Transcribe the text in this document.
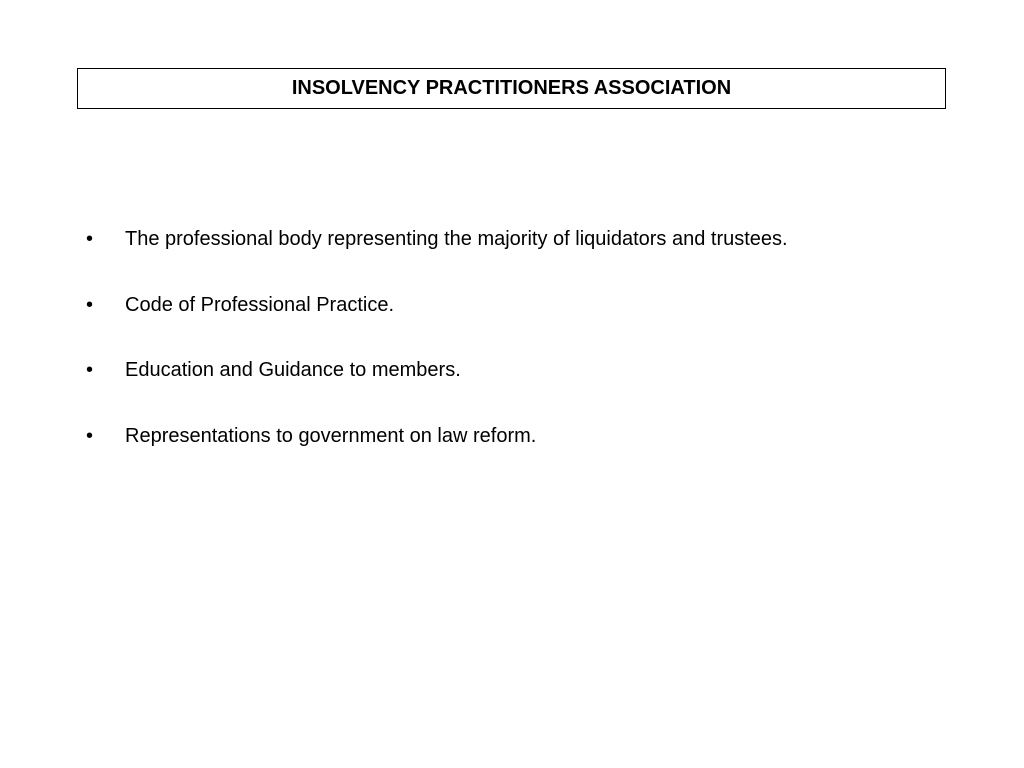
INSOLVENCY PRACTITIONERS ASSOCIATION
•	The professional body representing the majority of liquidators and trustees.
•	Code of Professional Practice.
•	Education and Guidance to members.
•	Representations to government on law reform.
